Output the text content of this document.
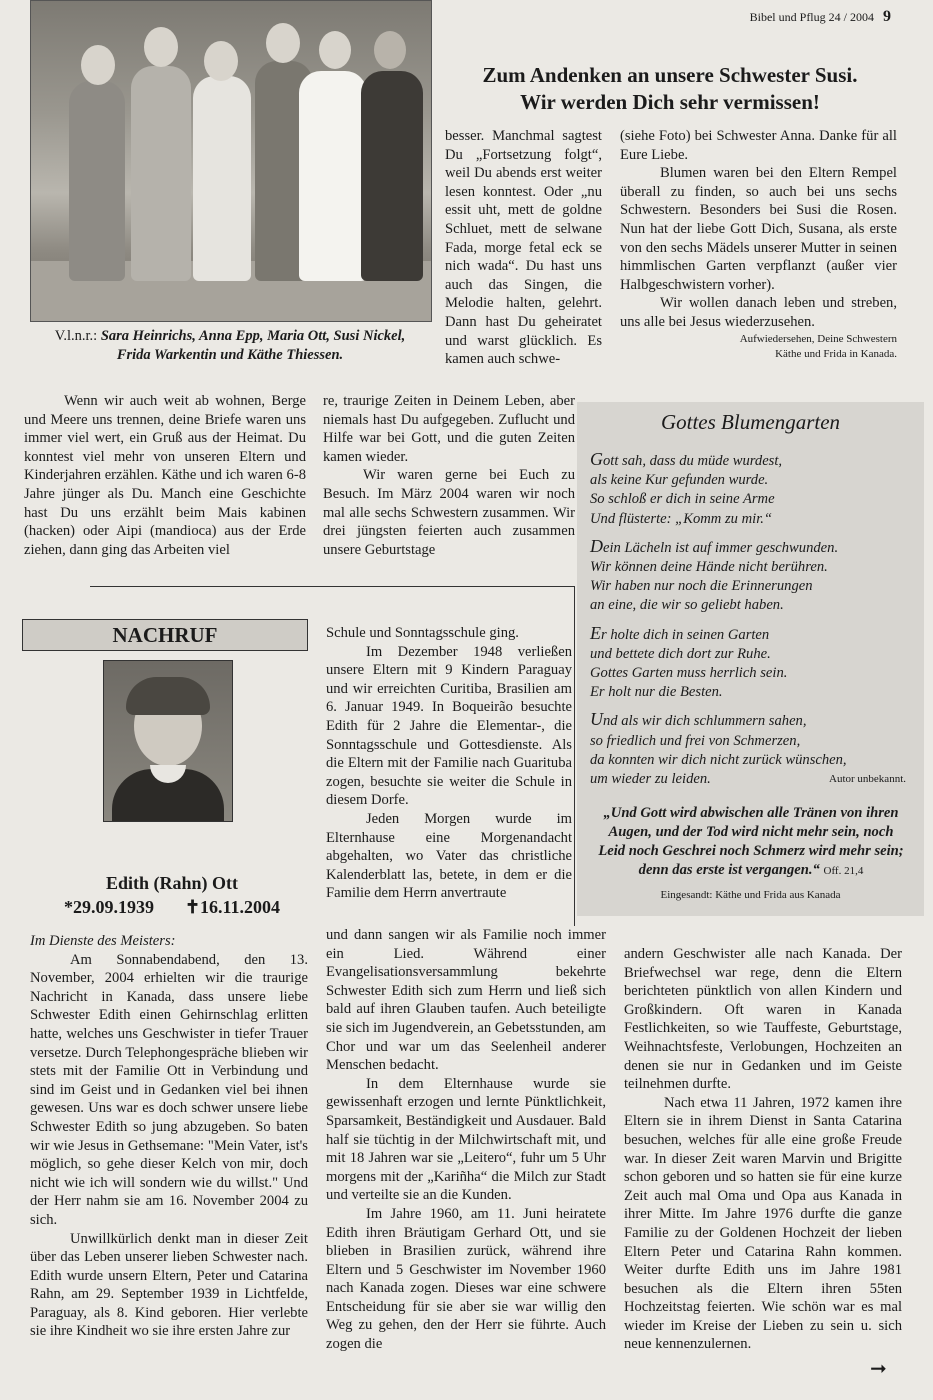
Bibel und Pflug 24 / 2004 9
V.l.n.r.: Sara Heinrichs, Anna Epp, Maria Ott, Susi Nickel,
Frida Warkentin und Käthe Thiessen.
Zum Andenken an unsere Schwester Susi.
Wir werden Dich sehr vermissen!

Wenn wir auch weit ab wohnen, Berge und Meere uns trennen, deine Briefe waren uns immer viel wert, ein Gruß aus der Heimat. Du konntest viel mehr von unseren Eltern und Kinderjahren erzählen. Käthe und ich waren 6-8 Jahre jünger als Du. Manch eine Geschichte hast Du uns erzählt beim Mais kabinen (hacken) oder Aipi (mandioca) aus der Erde ziehen, dann ging das Arbeiten viel

besser. Manchmal sagtest Du „Fortsetzung folgt“, weil Du abends erst weiter lesen konntest. Oder „nu essit uht, mett de goldne Schluet, mett de selwane Fada, morge fetal eck se nich wada“. Du hast uns auch das Singen, die Melodie halten, gelehrt. Dann hast Du geheiratet und warst glücklich. Es kamen auch schwe-

re, traurige Zeiten in Deinem Leben, aber niemals hast Du aufgegeben. Zuflucht und Hilfe war bei Gott, und die guten Zeiten kamen wieder.

Wir waren gerne bei Euch zu Besuch. Im März 2004 waren wir noch mal alle sechs Schwestern zusammen. Wir drei jüngsten feierten auch zusammen unsere Geburtstage

(siehe Foto) bei Schwester Anna. Danke für all Eure Liebe.

Blumen waren bei den Eltern Rempel überall zu finden, so auch bei uns sechs Schwestern. Besonders bei Susi die Rosen. Nun hat der liebe Gott Dich, Susana, als erste von den sechs Mädels unserer Mutter in seinen himmlischen Garten verpflanzt (außer vier Halbgeschwistern vorher).

Wir wollen danach leben und streben, uns alle bei Jesus wiederzusehen.

Aufwiedersehen, Deine Schwestern
Käthe und Frida in Kanada.
Gottes Blumengarten
Gott sah, dass du müde wurdest,
als keine Kur gefunden wurde.
So schloß er dich in seine Arme
Und flüsterte: „Komm zu mir.“
Dein Lächeln ist auf immer geschwunden.
Wir können deine Hände nicht berühren.
Wir haben nur noch die Erinnerungen
an eine, die wir so geliebt haben.
Er holte dich in seinen Garten
und bettete dich dort zur Ruhe.
Gottes Garten muss herrlich sein.
Er holt nur die Besten.
Und als wir dich schlummern sahen,
so friedlich und frei von Schmerzen,
da konnten wir dich nicht zurück wünschen,
um wieder zu leiden.	Autor unbekannt.
„Und Gott wird abwischen alle Tränen von ihren
Augen, und der Tod wird nicht mehr sein, noch
Leid noch Geschrei noch Schmerz wird mehr sein;
denn das erste ist vergangen.“ Off. 21,4
Eingesandt: Käthe und Frida aus Kanada
NACHRUF
Edith (Rahn) Ott
*29.09.1939 ✝16.11.2004

Im Dienste des Meisters:

Am Sonnabendabend, den 13. November, 2004 erhielten wir die traurige Nachricht in Kanada, dass unsere liebe Schwester Edith einen Gehirnschlag erlitten hatte, welches uns Geschwister in tiefer Trauer versetze. Durch Telephongespräche blieben wir stets mit der Familie Ott in Verbindung und sind im Geist und in Gedanken viel bei ihnen gewesen. Uns war es doch schwer unsere liebe Schwester Edith so jung abzugeben. So baten wir wie Jesus in Gethsemane: "Mein Vater, ist's möglich, so gehe dieser Kelch von mir, doch nicht wie ich will sondern wie du willst." Und der Herr nahm sie am 16. November 2004 zu sich.

Unwillkürlich denkt man in dieser Zeit über das Leben unserer lieben Schwester nach. Edith wurde unsern Eltern, Peter und Catarina Rahn, am 29. September 1939 in Lichtfelde, Paraguay, als 8. Kind geboren. Hier verlebte sie ihre Kindheit wo sie ihre ersten Jahre zur

Schule und Sonntagsschule ging.

Im Dezember 1948 verließen unsere Eltern mit 9 Kindern Paraguay und wir erreichten Curitiba, Brasilien am 6. Januar 1949. In Boqueirão besuchte Edith für 2 Jahre die Elementar-, die Sonntagsschule und Gottesdienste. Als die Eltern mit der Familie nach Guarituba zogen, besuchte sie weiter die Schule in diesem Dorfe.

Jeden Morgen wurde im Elternhause eine Morgenandacht abgehalten, wo Vater das christliche Kalenderblatt las, betete, in dem er die Familie dem Herrn anvertraute

und dann sangen wir als Familie noch immer ein Lied. Während einer Evangelisationsversammlung bekehrte Schwester Edith sich zum Herrn und ließ sich bald auf ihren Glauben taufen. Auch beteiligte sie sich im Jugendverein, an Gebetsstunden, am Chor und war um das Seelenheil anderer Menschen bedacht.

In dem Elternhause wurde sie gewissenhaft erzogen und lernte Pünktlichkeit, Sparsamkeit, Beständigkeit und Ausdauer. Bald half sie tüchtig in der Milchwirtschaft mit, und mit 18 Jahren war sie „Leitero“, fuhr um 5 Uhr morgens mit der „Kariñha“ die Milch zur Stadt und verteilte sie an die Kunden.

Im Jahre 1960, am 11. Juni heiratete Edith ihren Bräutigam Gerhard Ott, und sie blieben in Brasilien zurück, während ihre Eltern und 5 Geschwister im November 1960 nach Kanada zogen. Dieses war eine schwere Entscheidung für sie aber sie war willig den Weg zu gehen, den der Herr sie führte. Auch zogen die

andern Geschwister alle nach Kanada. Der Briefwechsel war rege, denn die Eltern berichteten pünktlich von allen Kindern und Großkindern. Oft waren in Kanada Festlichkeiten, so wie Tauffeste, Geburtstage, Weihnachtsfeste, Verlobungen, Hochzeiten an denen sie nur in Gedanken und im Geiste teilnehmen durfte.

Nach etwa 11 Jahren, 1972 kamen ihre Eltern sie in ihrem Dienst in Santa Catarina besuchen, welches für alle eine große Freude war. In dieser Zeit waren Marvin und Brigitte schon geboren und so hatten sie für eine kurze Zeit auch mal Oma und Opa aus Kanada in ihrer Mitte. Im Jahre 1976 durfte die ganze Familie zu der Goldenen Hochzeit der lieben Eltern Peter und Catarina Rahn kommen. Weiter durfte Edith uns im Jahre 1981 besuchen als die Eltern ihren 55ten Hochzeitstag feierten. Wie schön war es mal wieder im Kreise der Lieben zu sein u. sich neue kennenzulernen.

➞
